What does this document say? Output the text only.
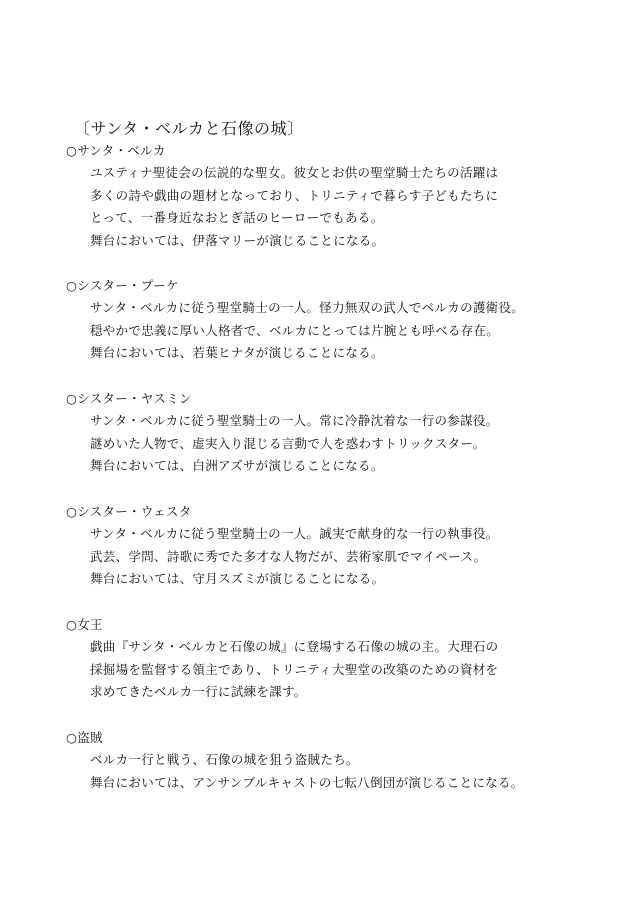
〔サンタ・ベルカと石像の城〕
○サンタ・ベルカ
ユスティナ聖徒会の伝説的な聖女。彼女とお供の聖堂騎士たちの活躍は
多くの詩や戯曲の題材となっており、トリニティで暮らす子どもたちに
とって、一番身近なおとぎ話のヒーローでもある。
舞台においては、伊落マリーが演じることになる。
○シスター・プーケ
サンタ・ベルカに従う聖堂騎士の一人。怪力無双の武人でベルカの護衛役。
穏やかで忠義に厚い人格者で、ベルカにとっては片腕とも呼べる存在。
舞台においては、若葉ヒナタが演じることになる。
○シスター・ヤスミン
サンタ・ベルカに従う聖堂騎士の一人。常に冷静沈着な一行の参謀役。
謎めいた人物で、虚実入り混じる言動で人を惑わすトリックスター。
舞台においては、白洲アズサが演じることになる。
○シスター・ウェスタ
サンタ・ベルカに従う聖堂騎士の一人。誠実で献身的な一行の執事役。
武芸、学問、詩歌に秀でた多才な人物だが、芸術家肌でマイペース。
舞台においては、守月スズミが演じることになる。
○女王
戯曲『サンタ・ベルカと石像の城』に登場する石像の城の主。大理石の
採掘場を監督する領主であり、トリニティ大聖堂の改築のための資材を
求めてきたベルカ一行に試練を課す。
○盗賊
ベルカ一行と戦う、石像の城を狙う盗賊たち。
舞台においては、アンサンブルキャストの七転八倒団が演じることになる。
